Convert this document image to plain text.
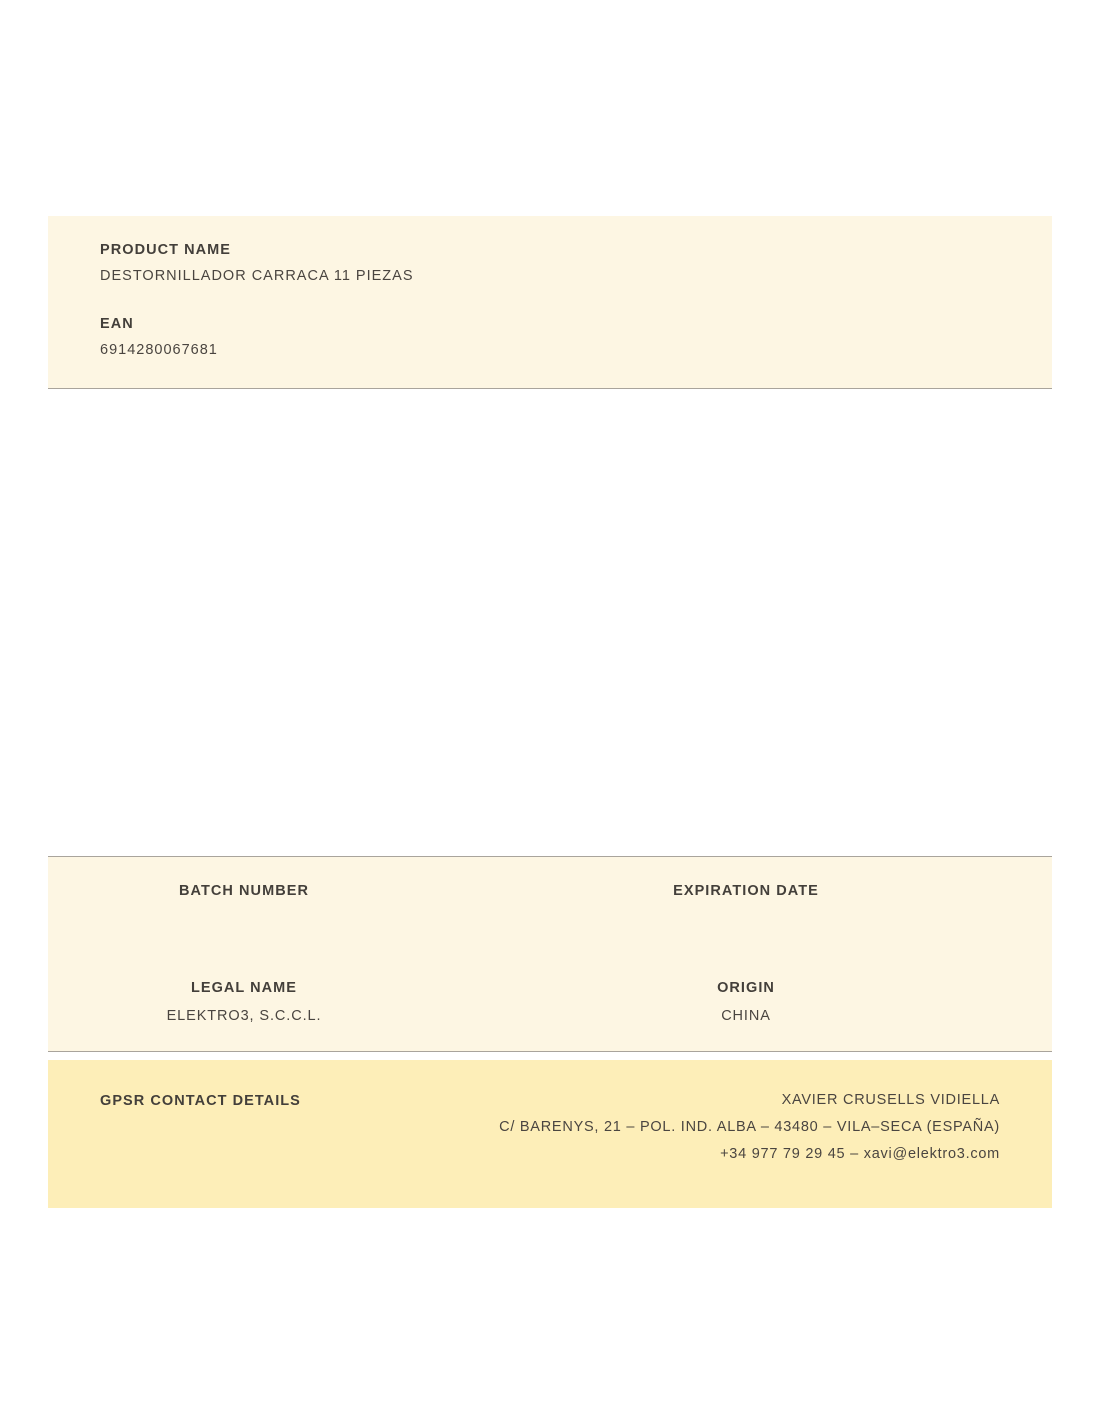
PRODUCT NAME
DESTORNILLADOR CARRACA 11 PIEZAS
EAN
6914280067681
BATCH NUMBER	EXPIRATION DATE
LEGAL NAME
ELEKTRO3, S.C.C.L.
ORIGIN
CHINA
GPSR CONTACT DETAILS	XAVIER CRUSELLS VIDIELLA
C/ BARENYS, 21 – POL. IND. ALBA – 43480 – VILA–SECA (ESPAÑA)
+34 977 79 29 45 – xavi@elektro3.com
